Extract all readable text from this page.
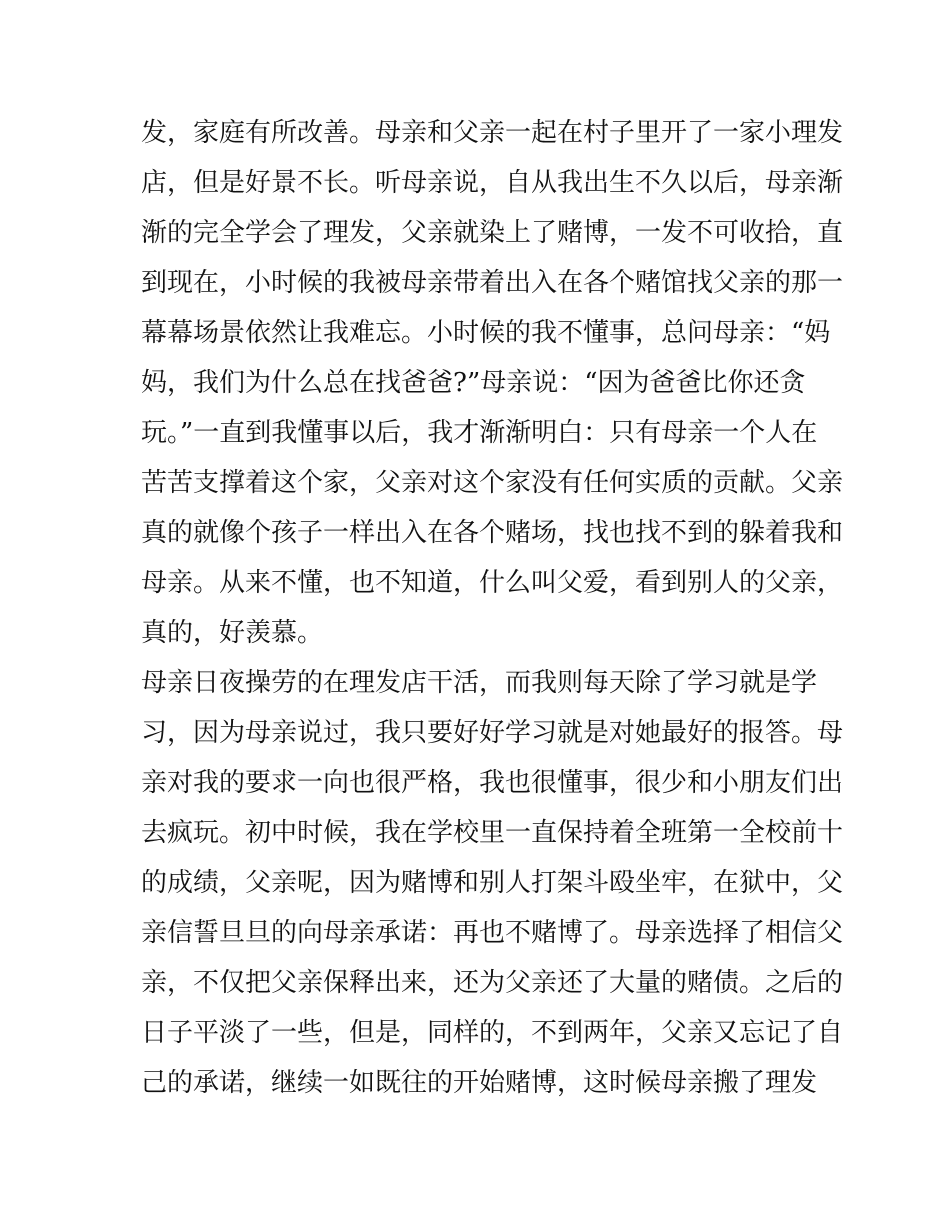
发，家庭有所改善。母亲和父亲一起在村子里开了一家小理发
店，但是好景不长。听母亲说，自从我出生不久以后，母亲渐
渐的完全学会了理发，父亲就染上了赌博，一发不可收拾，直
到现在，小时候的我被母亲带着出入在各个赌馆找父亲的那一
幕幕场景依然让我难忘。小时候的我不懂事，总问母亲：“妈
妈，我们为什么总在找爸爸?”母亲说：“因为爸爸比你还贪
玩。”一直到我懂事以后，我才渐渐明白：只有母亲一个人在
苦苦支撑着这个家，父亲对这个家没有任何实质的贡献。父亲
真的就像个孩子一样出入在各个赌场，找也找不到的躲着我和
母亲。从来不懂，也不知道，什么叫父爱，看到别人的父亲，
真的，好羡慕。
母亲日夜操劳的在理发店干活，而我则每天除了学习就是学
习，因为母亲说过，我只要好好学习就是对她最好的报答。母
亲对我的要求一向也很严格，我也很懂事，很少和小朋友们出
去疯玩。初中时候，我在学校里一直保持着全班第一全校前十
的成绩，父亲呢，因为赌博和别人打架斗殴坐牢，在狱中，父
亲信誓旦旦的向母亲承诺：再也不赌博了。母亲选择了相信父
亲，不仅把父亲保释出来，还为父亲还了大量的赌债。之后的
日子平淡了一些，但是，同样的，不到两年，父亲又忘记了自
己的承诺，继续一如既往的开始赌博，这时候母亲搬了理发
